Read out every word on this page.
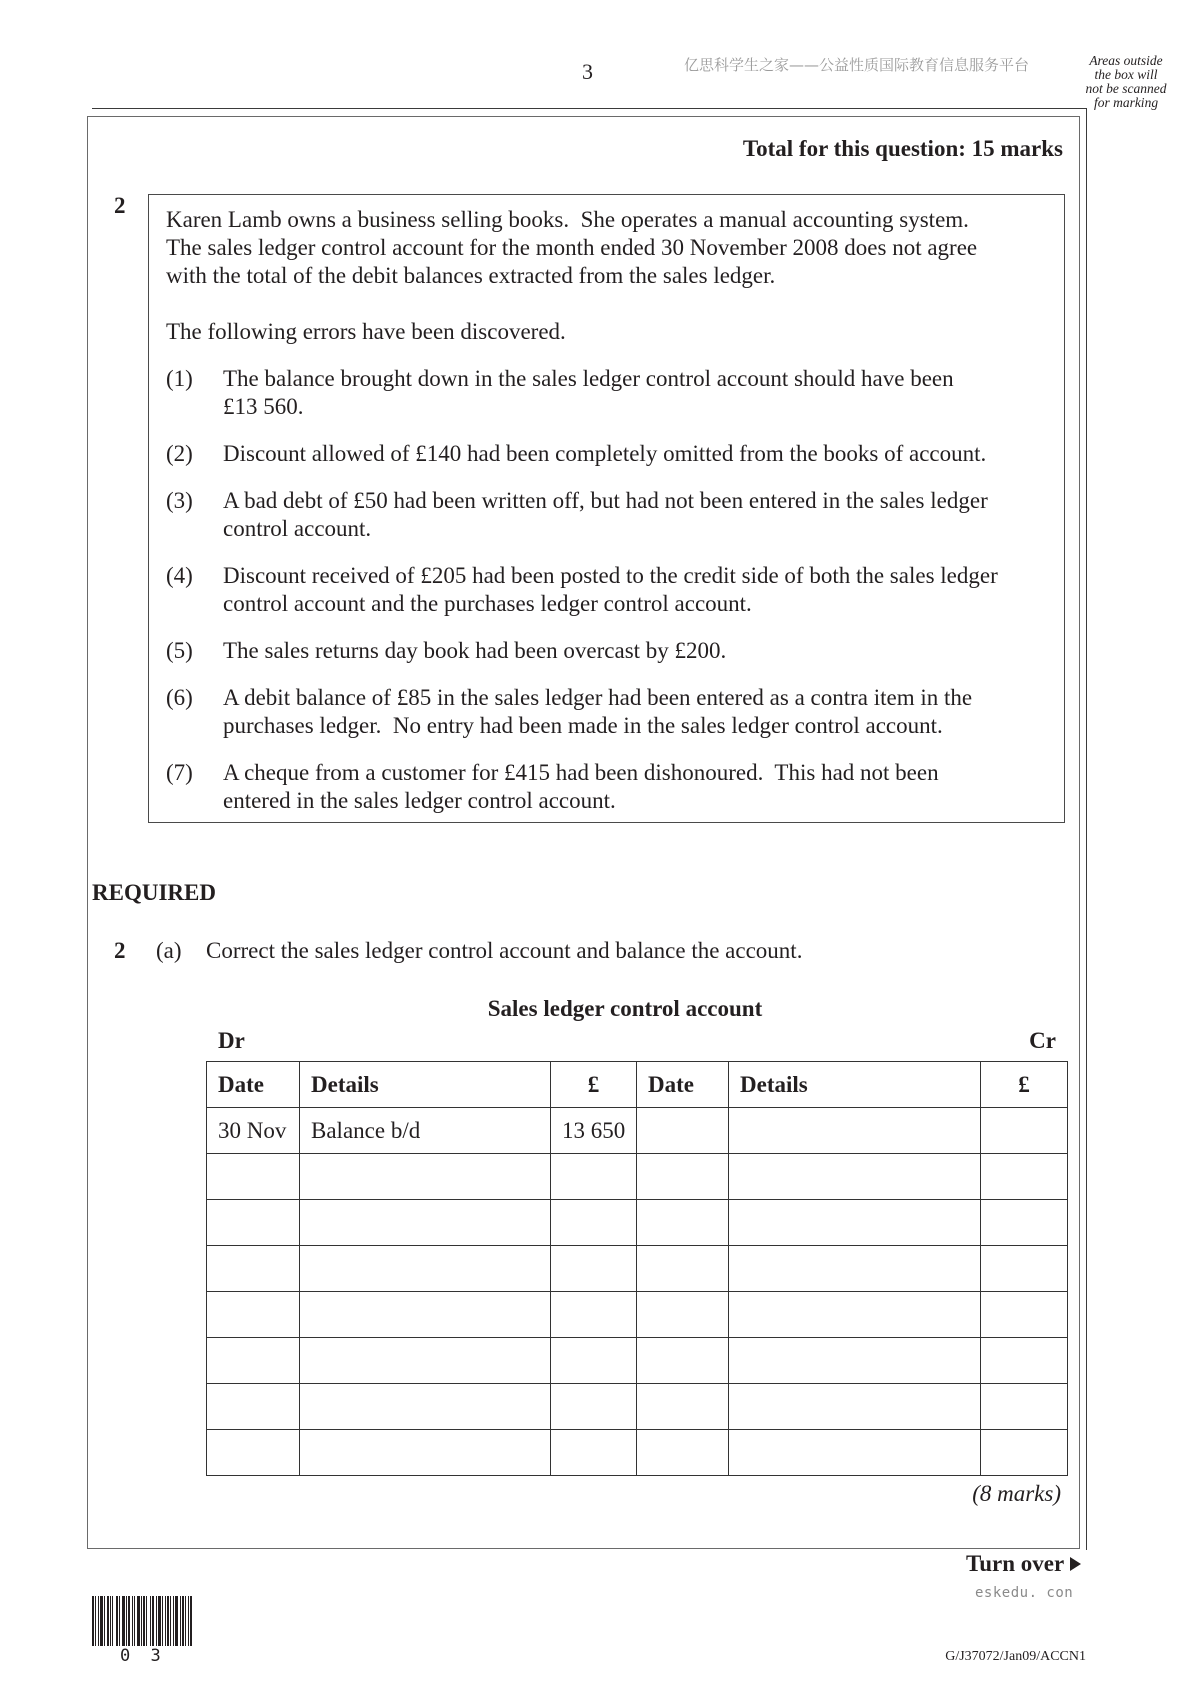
3	亿思科学生之家——公益性质国际教育信息服务平台	Areas outside
the box will
not be scanned
for marking
Total for this question: 15 marks
2
Karen Lamb owns a business selling books.  She operates a manual accounting system.
The sales ledger control account for the month ended 30 November 2008 does not agree
with the total of the debit balances extracted from the sales ledger.
The following errors have been discovered.
(1)	The balance brought down in the sales ledger control account should have been
£13 560.
(2)	Discount allowed of £140 had been completely omitted from the books of account.
(3)	A bad debt of £50 had been written off, but had not been entered in the sales ledger
control account.
(4)	Discount received of £205 had been posted to the credit side of both the sales ledger
control account and the purchases ledger control account.
(5)	The sales returns day book had been overcast by £200.
(6)	A debit balance of £85 in the sales ledger had been entered as a contra item in the
purchases ledger.  No entry had been made in the sales ledger control account.
(7)	A cheque from a customer for £415 had been dishonoured.  This had not been
entered in the sales ledger control account.
REQUIRED
2 (a) Correct the sales ledger control account and balance the account.
Sales ledger control account
Dr	Cr
Date	Details	£	Date	Details	£
30 Nov	Balance b/d	13 650			

(8 marks)
Turn over
eskedu. con
0 3	G/J37072/Jan09/ACCN1
